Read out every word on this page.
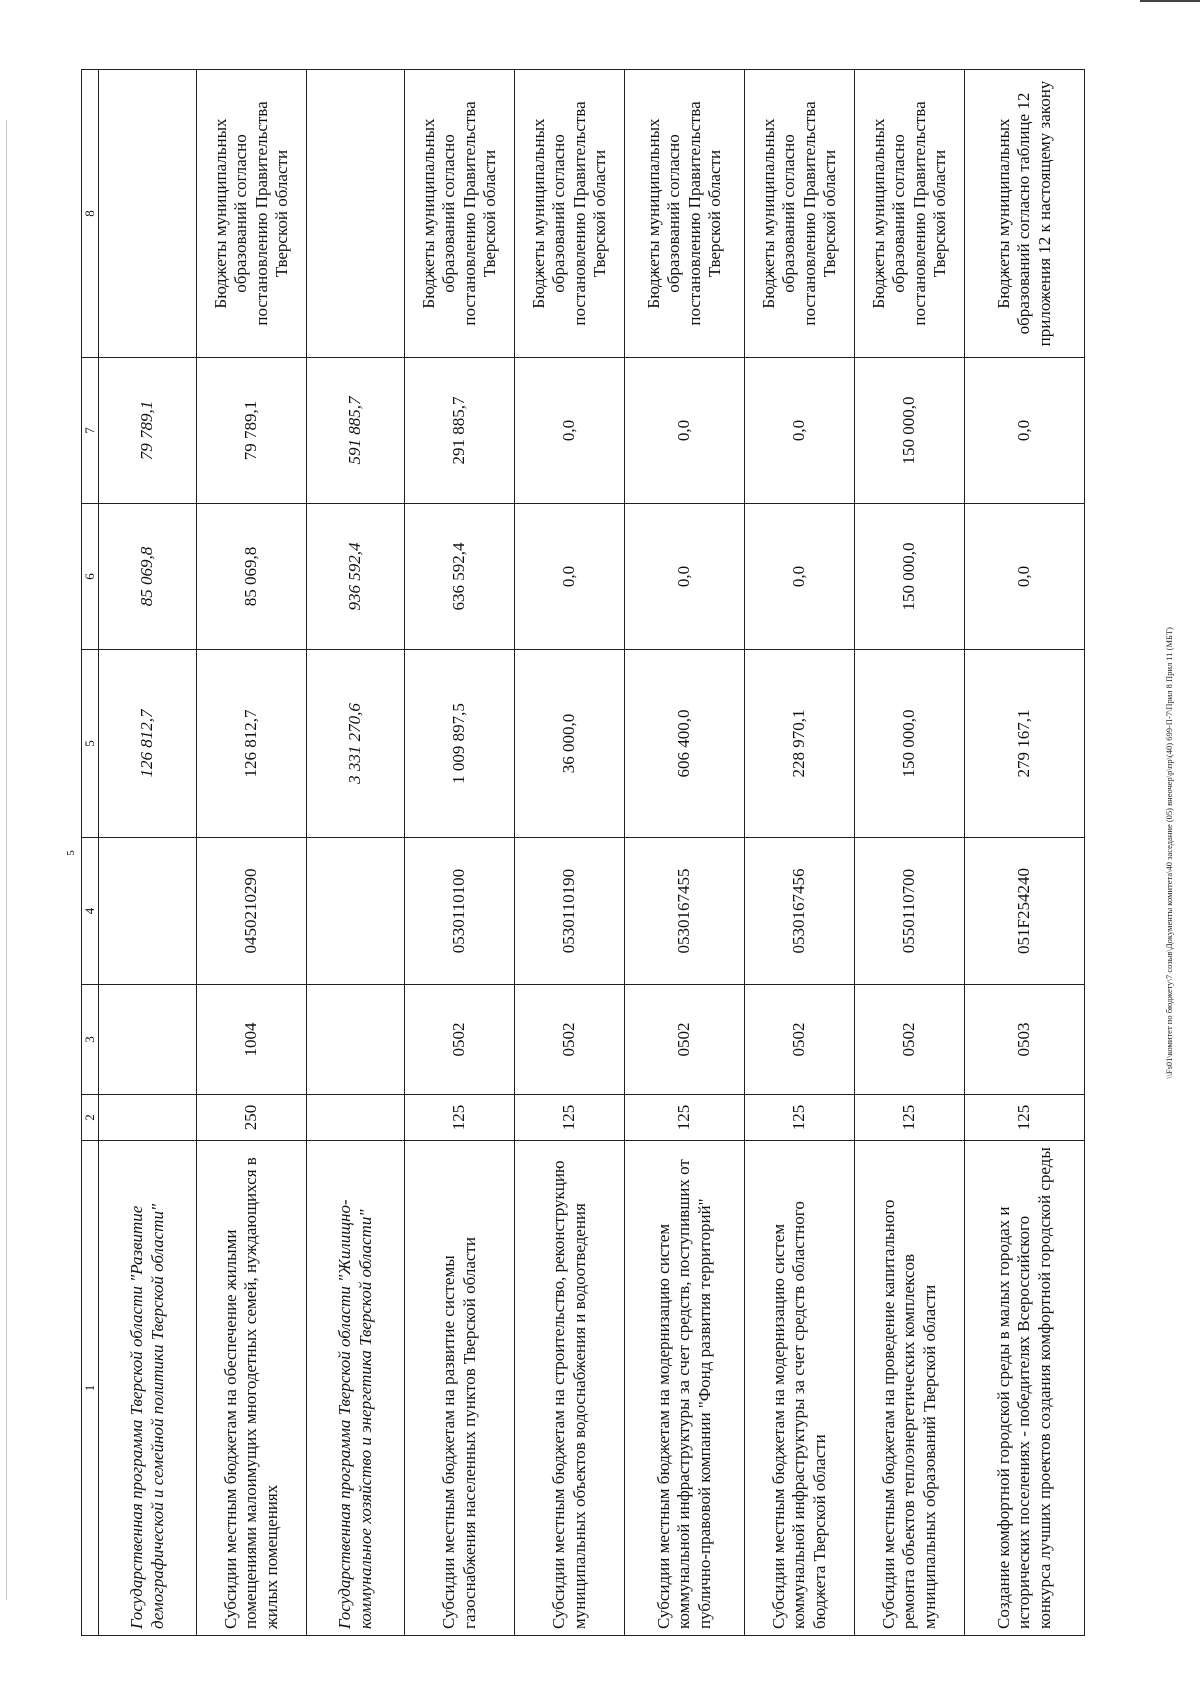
5
1	2	3	4	5	6	7	8
Государственная программа Тверской области "Развитие демографической и семейной политики Тверской области"				126 812,7	85 069,8	79 789,1	
Субсидии местным бюджетам на обеспечение жилыми помещениями малоимущих многодетных семей, нуждающихся в жилых помещениях	250	1004	0450210290	126 812,7	85 069,8	79 789,1	Бюджеты муниципальных образований согласно постановлению Правительства Тверской области
Государственная программа Тверской области "Жилищно-коммунальное хозяйство и энергетика Тверской области"				3 331 270,6	936 592,4	591 885,7	
Субсидии местным бюджетам на развитие системы газоснабжения населенных пунктов Тверской области	125	0502	0530110100	1 009 897,5	636 592,4	291 885,7	Бюджеты муниципальных образований согласно постановлению Правительства Тверской области
Субсидии местным бюджетам на строительство, реконструкцию муниципальных объектов водоснабжения и водоотведения	125	0502	0530110190	36 000,0	0,0	0,0	Бюджеты муниципальных образований согласно постановлению Правительства Тверской области
Субсидии местным бюджетам на модернизацию систем коммунальной инфраструктуры за счет средств, поступивших от публично-правовой компании "Фонд развития территорий"	125	0502	0530167455	606 400,0	0,0	0,0	Бюджеты муниципальных образований согласно постановлению Правительства Тверской области
Субсидии местным бюджетам на модернизацию систем коммунальной инфраструктуры за счет средств областного бюджета Тверской области	125	0502	0530167456	228 970,1	0,0	0,0	Бюджеты муниципальных образований согласно постановлению Правительства Тверской области
Субсидии местным бюджетам на проведение капитального ремонта объектов теплоэнергетических комплексов муниципальных образований Тверской области	125	0502	0550110700	150 000,0	150 000,0	150 000,0	Бюджеты муниципальных образований согласно постановлению Правительства Тверской области
Создание комфортной городской среды в малых городах и исторических поселениях - победителях Всероссийского конкурса лучших проектов создания комфортной городской среды	125	0503	051F254240	279 167,1	0,0	0,0	Бюджеты муниципальных образований согласно таблице 12 приложения 12 к настоящему закону
\\Fs01\комитет по бюджету\7 созыв\Документы комитета\40 заседание (05) внеочер\р\пр\(40) 699-П-7\Прил 8 Прил 11 (МБТ)
